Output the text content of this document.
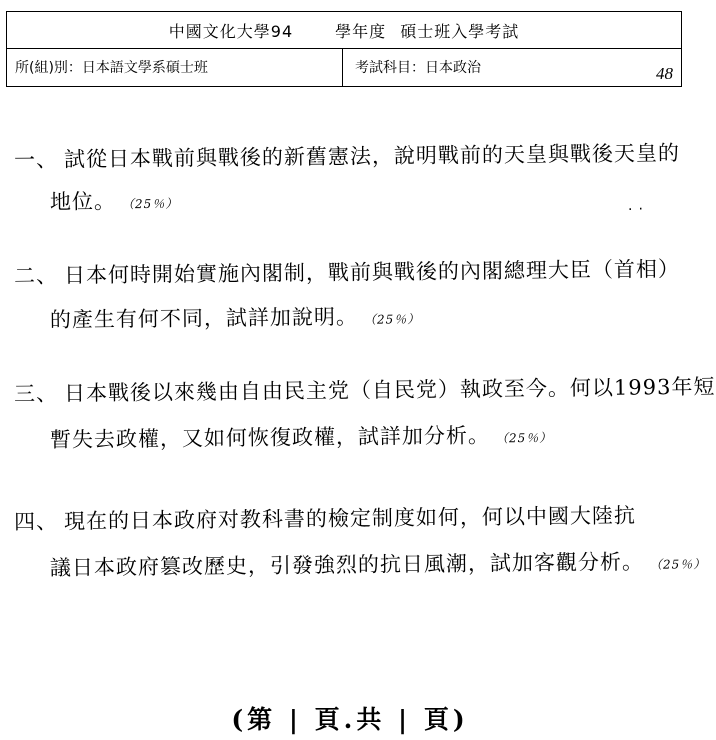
中國文化大學94	學年度 碩士班入學考試
所(組)別：日本語文學系碩士班	考試科目：日本政治	48
一、 試從日本戰前與戰後的新舊憲法，說明戰前的天皇與戰後天皇的
地位。 （25％）	·‧
二、 日本何時開始實施內閣制，戰前與戰後的內閣總理大臣（首相）
的產生有何不同，試詳加說明。 （25％）
三、 日本戰後以來幾由自由民主党（自民党）執政至今。何以1993年短
暫失去政權，又如何恢復政權，試詳加分析。 （25％）
四、 現在的日本政府对教科書的檢定制度如何，何以中國大陸抗
議日本政府篡改歷史，引發強烈的抗日風潮，試加客觀分析。 （25％）
(第 | 頁.共 | 頁)
